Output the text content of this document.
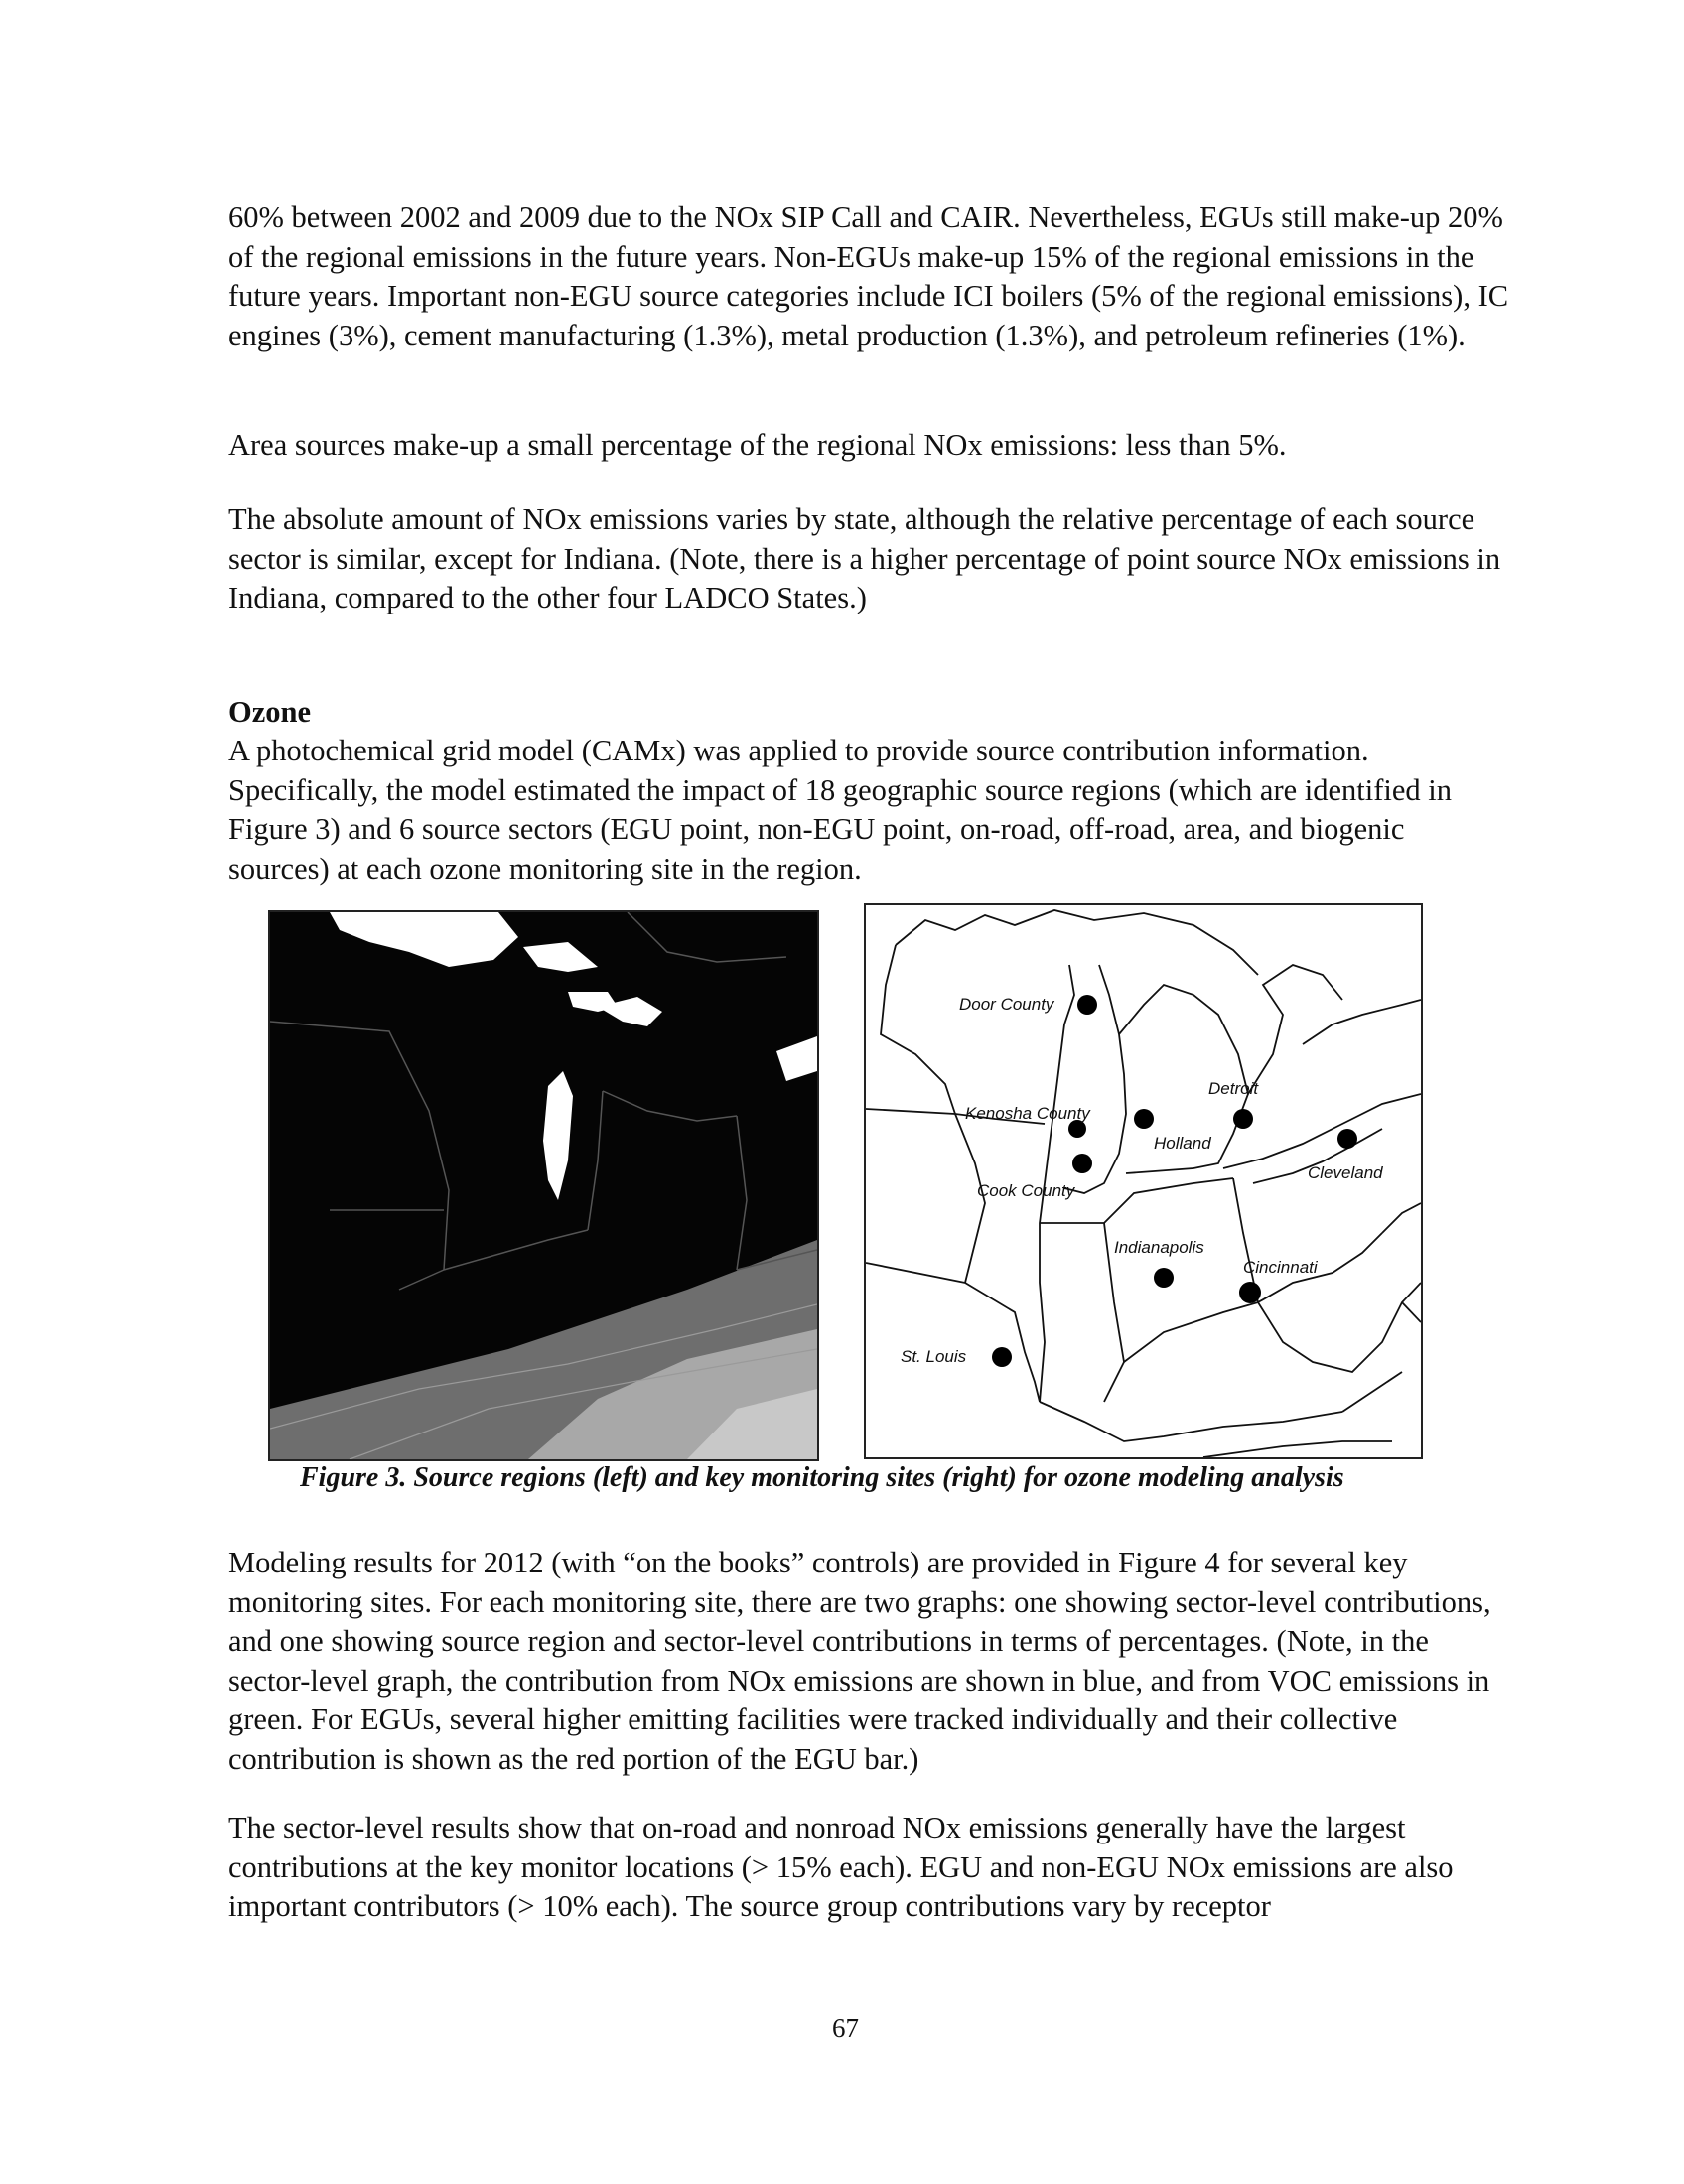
60% between 2002 and 2009 due to the NOx SIP Call and CAIR. Nevertheless, EGUs still make-up 20% of the regional emissions in the future years. Non-EGUs make-up 15% of the regional emissions in the future years. Important non-EGU source categories include ICI boilers (5% of the regional emissions), IC engines (3%), cement manufacturing (1.3%), metal production (1.3%), and petroleum refineries (1%).

Area sources make-up a small percentage of the regional NOx emissions: less than 5%.

The absolute amount of NOx emissions varies by state, although the relative percentage of each source sector is similar, except for Indiana. (Note, there is a higher percentage of point source NOx emissions in Indiana, compared to the other four LADCO States.)

Ozone

A photochemical grid model (CAMx) was applied to provide source contribution information. Specifically, the model estimated the impact of 18 geographic source regions (which are identified in Figure 3) and 6 source sectors (EGU point, non-EGU point, on-road, off-road, area, and biogenic sources) at each ozone monitoring site in the region.

Door County
Kenosha County
Holland
Detroit
Cleveland
Cook County
Indianapolis
Cincinnati
St. Louis

Figure 3. Source regions (left) and key monitoring sites (right) for ozone modeling analysis

Modeling results for 2012 (with “on the books” controls) are provided in Figure 4 for several key monitoring sites. For each monitoring site, there are two graphs: one showing sector-level contributions, and one showing source region and sector-level contributions in terms of percentages. (Note, in the sector-level graph, the contribution from NOx emissions are shown in blue, and from VOC emissions in green. For EGUs, several higher emitting facilities were tracked individually and their collective contribution is shown as the red portion of the EGU bar.)

The sector-level results show that on-road and nonroad NOx emissions generally have the largest contributions at the key monitor locations (> 15% each). EGU and non-EGU NOx emissions are also important contributors (> 10% each). The source group contributions vary by receptor

67
